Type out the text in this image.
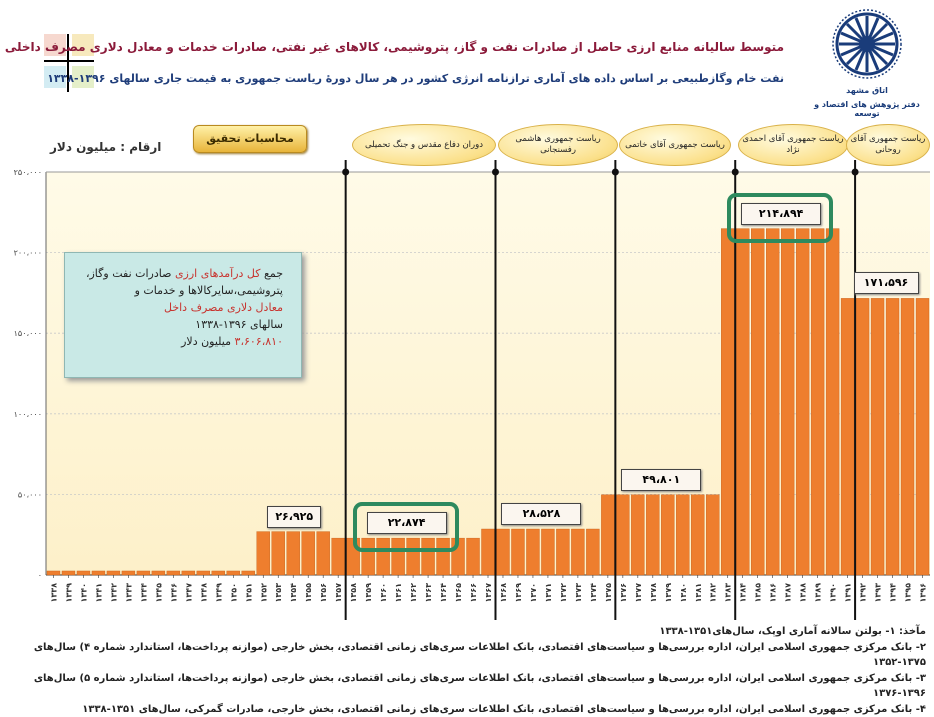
اتاق مشهد
دفتر پژوهش های اقتصاد و توسعه
متوسط سالیانه منابع ارزی حاصل از صادرات نفت و گاز، پتروشیمی، کالاهای غیر نفتی، صادرات خدمات و معادل دلاری مصرف داخلی
نفت خام وگازطبیعی بر اساس داده های آماری ترازنامه انرژی کشور در هر سال دورۀ ریاست جمهوری به قیمت جاری سالهای ۱۳۹۶-۱۳۳۸
محاسبات تحقیق
ارقام : میلیون دلار	دوران دفاع مقدس و جنگ تحمیلی
ریاست جمهوری هاشمی رفسنجانی
ریاست جمهوری آقای خاتمی
ریاست جمهوری آقای احمدی نژاد
ریاست جمهوری آقای روحانی
۰
۵۰،۰۰۰
۱۰۰،۰۰۰
۱۵۰،۰۰۰
۲۰۰،۰۰۰
۲۵۰،۰۰۰
۱۳۳۸ ۱۳۳۹ ۱۳۴۰ ۱۳۴۱ ۱۳۴۲ ۱۳۴۳ ۱۳۴۴ ۱۳۴۵ ۱۳۴۶ ۱۳۴۷ ۱۳۴۸ ۱۳۴۹ ۱۳۵۰ ۱۳۵۱ ۱۳۵۲ ۱۳۵۳ ۱۳۵۴ ۱۳۵۵ ۱۳۵۶ ۱۳۵۷ ۱۳۵۸ ۱۳۵۹ ۱۳۶۰ ۱۳۶۱ ۱۳۶۲ ۱۳۶۳ ۱۳۶۴ ۱۳۶۵ ۱۳۶۶ ۱۳۶۷ ۱۳۶۸ ۱۳۶۹ ۱۳۷۰ ۱۳۷۱ ۱۳۷۲ ۱۳۷۳ ۱۳۷۴ ۱۳۷۵ ۱۳۷۶ ۱۳۷۷ ۱۳۷۸ ۱۳۷۹ ۱۳۸۰ ۱۳۸۱ ۱۳۸۲ ۱۳۸۳ ۱۳۸۴ ۱۳۸۵ ۱۳۸۶ ۱۳۸۷ ۱۳۸۸ ۱۳۸۹ ۱۳۹۰ ۱۳۹۱ ۱۳۹۲ ۱۳۹۳ ۱۳۹۴ ۱۳۹۵ ۱۳۹۶
جمع کل درآمدهای ارزی صادرات نفت وگاز،
پتروشیمی،سایرکالاها و خدمات و
معادل دلاری مصرف داخل
سالهای ۱۳۹۶-۱۳۳۸
۳،۶۰۶،۸۱۰ میلیون دلار
۲۶،۹۲۵
۲۲،۸۷۴
۲۸،۵۲۸
۴۹،۸۰۱
۲۱۴،۸۹۴
۱۷۱،۵۹۶
مآخذ: ۱- بولتن سالانه آماری اوپک، سال‌های۱۳۵۱-۱۳۳۸
۲- بانک مرکزی جمهوری اسلامی ایران، اداره بررسی‌ها و سیاست‌های اقتصادی، بانک اطلاعات سری‌های زمانی اقتصادی، بخش خارجی (موازنه پرداخت‌ها، استاندارد شماره ۴) سال‌های ۱۳۷۵-۱۳۵۲
۳- بانک مرکزی جمهوری اسلامی ایران، اداره بررسی‌ها و سیاست‌های اقتصادی، بانک اطلاعات سری‌های زمانی اقتصادی، بخش خارجی (موازنه پرداخت‌ها، استاندارد شماره ۵) سال‌های ۱۳۹۶-۱۳۷۶
۴- بانک مرکزی جمهوری اسلامی ایران، اداره بررسی‌ها و سیاست‌های اقتصادی، بانک اطلاعات سری‌های زمانی اقتصادی، بخش خارجی، صادرات گمرکی، سال‌های ۱۳۵۱-۱۳۳۸
